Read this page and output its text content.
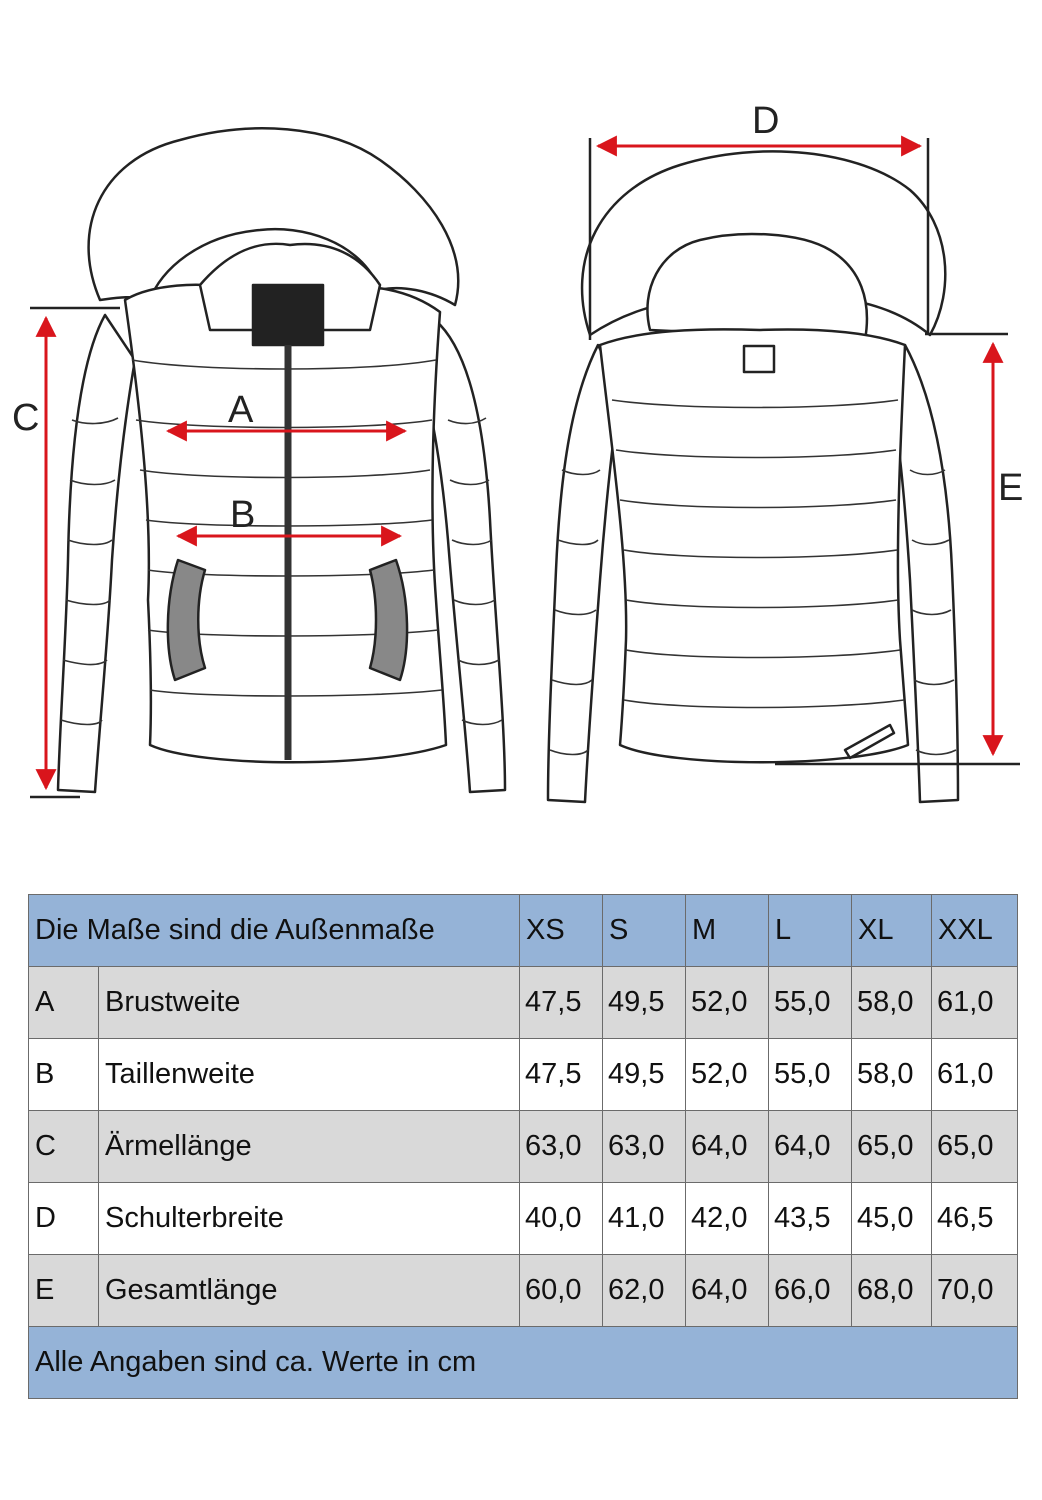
C	A
B
D
E
Die Maße sind die Außenmaße		XS	S	M	L	XL	XXL
A	Brustweite	47,5	49,5	52,0	55,0	58,0	61,0
B	Taillenweite	47,5	49,5	52,0	55,0	58,0	61,0
C	Ärmellänge	63,0	63,0	64,0	64,0	65,0	65,0
D	Schulterbreite	40,0	41,0	42,0	43,5	45,0	46,5
E	Gesamtlänge	60,0	62,0	64,0	66,0	68,0	70,0
Alle Angaben sind ca. Werte in cm							
